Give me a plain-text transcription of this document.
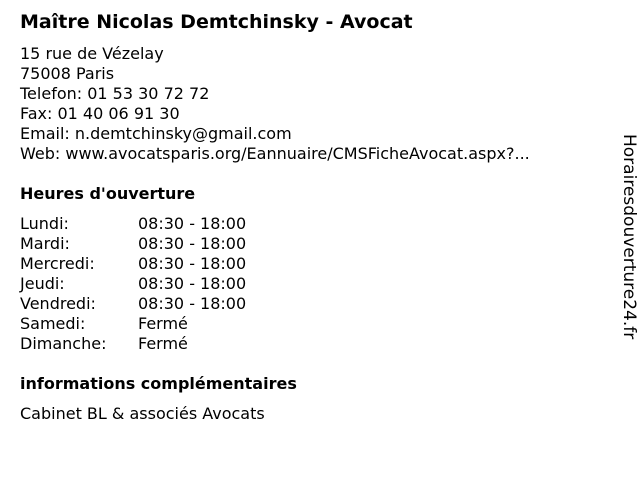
Maître Nicolas Demtchinsky - Avocat
15 rue de Vézelay
75008 Paris
Telefon: 01 53 30 72 72
Fax: 01 40 06 91 30
Email: n.demtchinsky@gmail.com
Web: www.avocatsparis.org/Eannuaire/CMSFicheAvocat.aspx?...
Heures d'ouverture
Lundi:	08:30 - 18:00
Mardi:	08:30 - 18:00
Mercredi:	08:30 - 18:00
Jeudi:	08:30 - 18:00
Vendredi:	08:30 - 18:00
Samedi:	Fermé
Dimanche: Fermé
informations complémentaires
Cabinet BL & associés Avocats
Horairesdouverture24.fr
